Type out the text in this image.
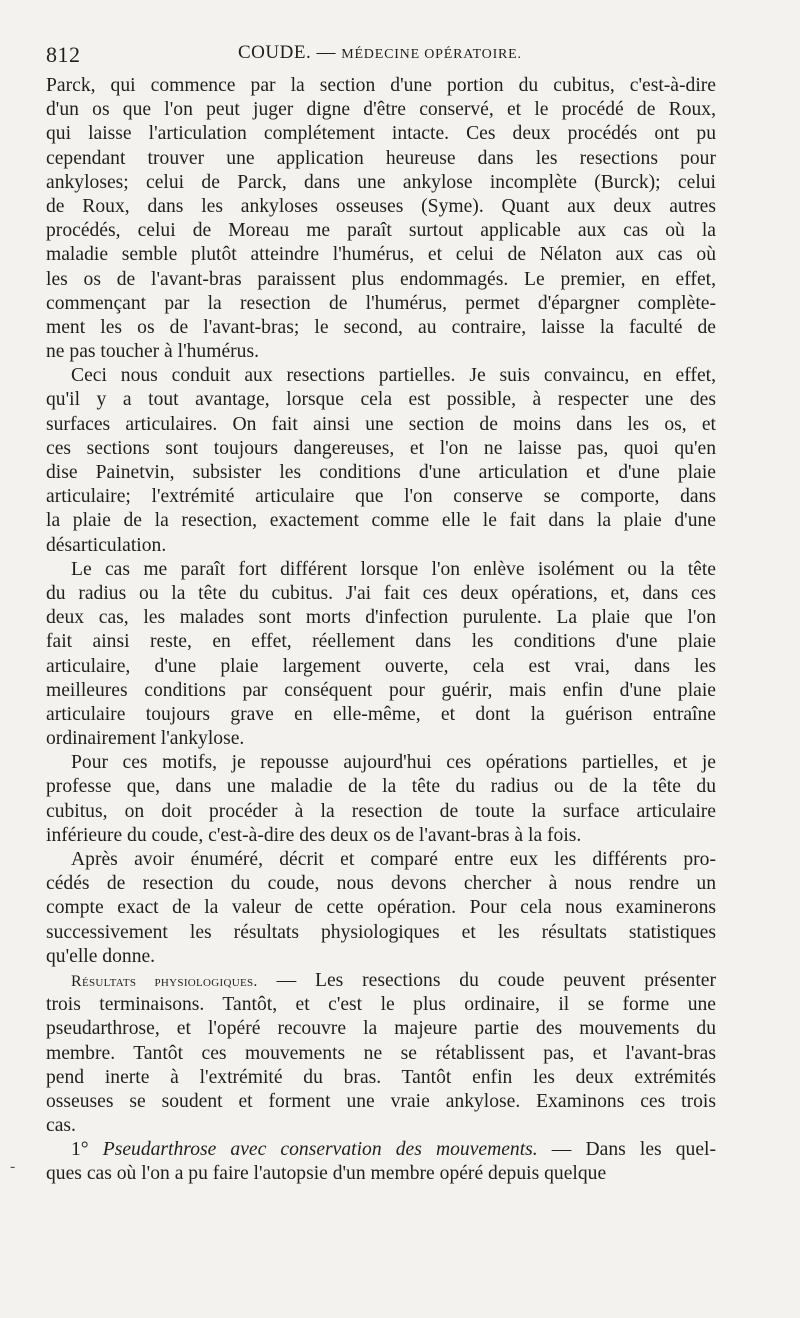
812	COUDE. — MÉDECINE OPÉRATOIRE.
Parck, qui commence par la section d'une portion du cubitus, c'est-à-dire
d'un os que l'on peut juger digne d'être conservé, et le procédé de Roux,
qui laisse l'articulation complétement intacte. Ces deux procédés ont pu
cependant trouver une application heureuse dans les resections pour
ankyloses; celui de Parck, dans une ankylose incomplète (Burck); celui
de Roux, dans les ankyloses osseuses (Syme). Quant aux deux autres
procédés, celui de Moreau me paraît surtout applicable aux cas où la
maladie semble plutôt atteindre l'humérus, et celui de Nélaton aux cas où
les os de l'avant-bras paraissent plus endommagés. Le premier, en effet,
commençant par la resection de l'humérus, permet d'épargner complète-
ment les os de l'avant-bras; le second, au contraire, laisse la faculté de
ne pas toucher à l'humérus.
Ceci nous conduit aux resections partielles. Je suis convaincu, en effet,
qu'il y a tout avantage, lorsque cela est possible, à respecter une des
surfaces articulaires. On fait ainsi une section de moins dans les os, et
ces sections sont toujours dangereuses, et l'on ne laisse pas, quoi qu'en
dise Painetvin, subsister les conditions d'une articulation et d'une plaie
articulaire; l'extrémité articulaire que l'on conserve se comporte, dans
la plaie de la resection, exactement comme elle le fait dans la plaie d'une
désarticulation.
Le cas me paraît fort différent lorsque l'on enlève isolément ou la tête
du radius ou la tête du cubitus. J'ai fait ces deux opérations, et, dans ces
deux cas, les malades sont morts d'infection purulente. La plaie que l'on
fait ainsi reste, en effet, réellement dans les conditions d'une plaie
articulaire, d'une plaie largement ouverte, cela est vrai, dans les
meilleures conditions par conséquent pour guérir, mais enfin d'une plaie
articulaire toujours grave en elle-même, et dont la guérison entraîne
ordinairement l'ankylose.
Pour ces motifs, je repousse aujourd'hui ces opérations partielles, et je
professe que, dans une maladie de la tête du radius ou de la tête du
cubitus, on doit procéder à la resection de toute la surface articulaire
inférieure du coude, c'est-à-dire des deux os de l'avant-bras à la fois.
Après avoir énuméré, décrit et comparé entre eux les différents pro-
cédés de resection du coude, nous devons chercher à nous rendre un
compte exact de la valeur de cette opération. Pour cela nous examinerons
successivement les résultats physiologiques et les résultats statistiques
qu'elle donne.
Résultats physiologiques. — Les resections du coude peuvent présenter
trois terminaisons. Tantôt, et c'est le plus ordinaire, il se forme une
pseudarthrose, et l'opéré recouvre la majeure partie des mouvements du
membre. Tantôt ces mouvements ne se rétablissent pas, et l'avant-bras
pend inerte à l'extrémité du bras. Tantôt enfin les deux extrémités
osseuses se soudent et forment une vraie ankylose. Examinons ces trois
cas.
1° Pseudarthrose avec conservation des mouvements. — Dans les quel-
ques cas où l'on a pu faire l'autopsie d'un membre opéré depuis quelque
-
